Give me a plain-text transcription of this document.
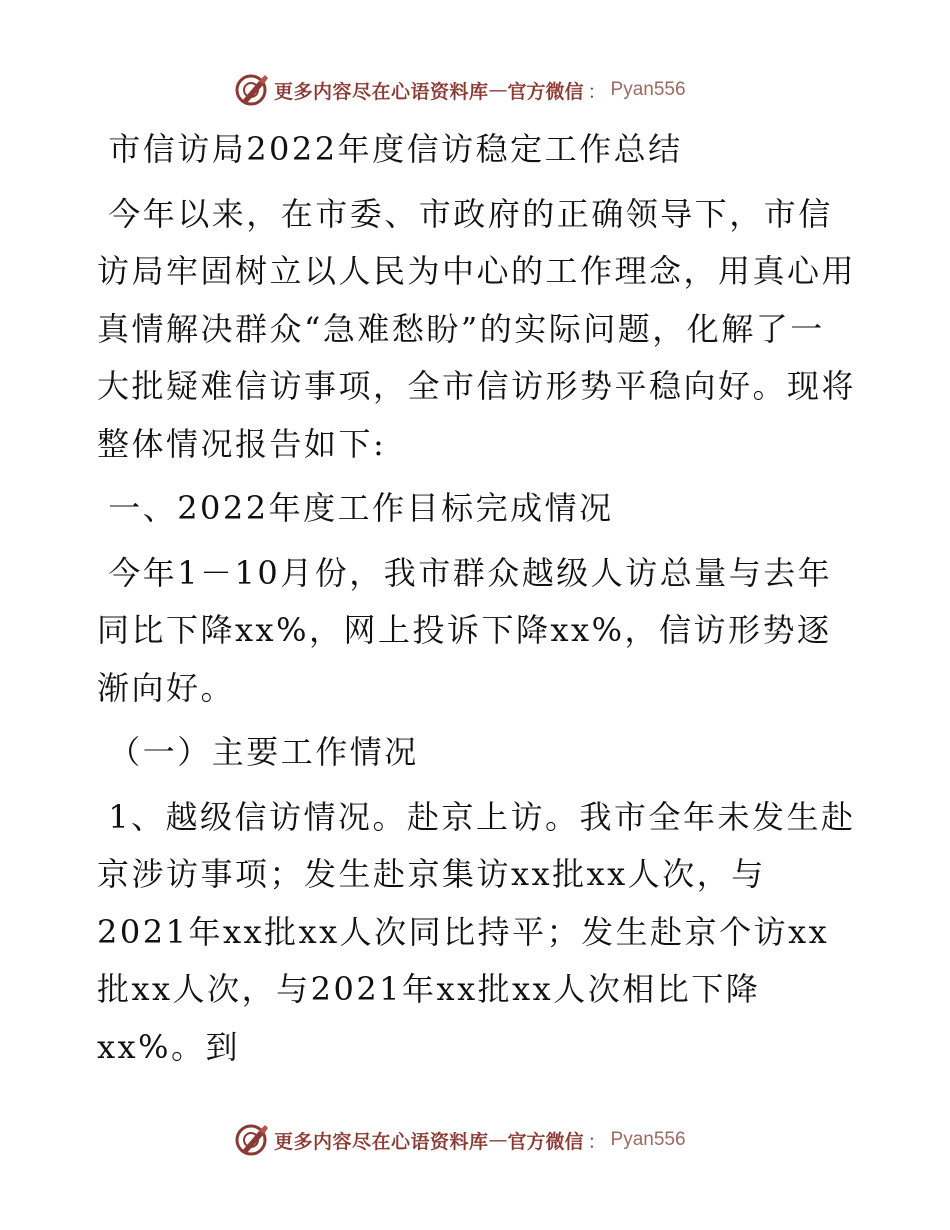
更多内容尽在心语资料库 — 官方微信 ： Pyan556

市信访局2022年度信访稳定工作总结

今年以来，在市委、市政府的正确领导下，市信访局牢固树立以人民为中心的工作理念，用真心用真情解决群众“急难愁盼”的实际问题，化解了一大批疑难信访事项，全市信访形势平稳向好。现将整体情况报告如下:

一、2022年度工作目标完成情况

今年1－10月份，我市群众越级人访总量与去年同比下降xx%，网上投诉下降xx%，信访形势逐渐向好。

（一）主要工作情况

1、越级信访情况。赴京上访。我市全年未发生赴京涉访事项；发生赴京集访xx批xx人次，与2021年xx批xx人次同比持平；发生赴京个访xx批xx人次，与2021年xx批xx人次相比下降xx%。到

更多内容尽在心语资料库 — 官方微信 ： Pyan556
